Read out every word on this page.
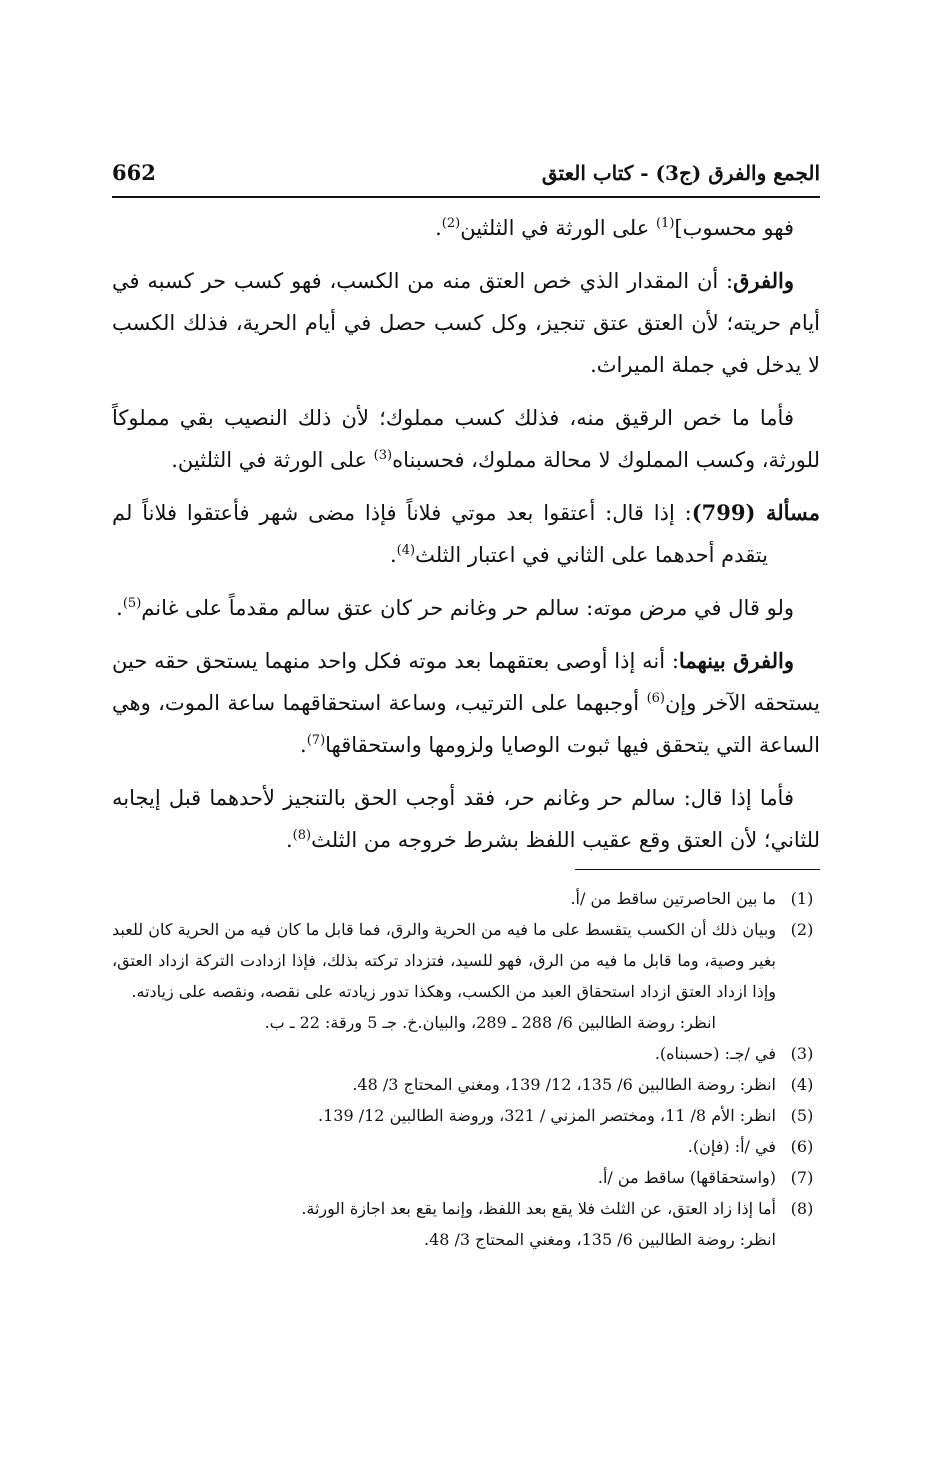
662	الجمع والفرق (ج3) - كتاب العتق

فهو محسوب]$^{(1)}$ على الورثة في الثلثين$^{(2)}$.

والفرق: أن المقدار الذي خص العتق منه من الكسب، فهو كسب حر كسبه في أيام حريته؛ لأن العتق عتق تنجيز، وكل كسب حصل في أيام الحرية، فذلك الكسب لا يدخل في جملة الميراث.

فأما ما خص الرقيق منه، فذلك كسب مملوك؛ لأن ذلك النصيب بقي مملوكاً للورثة، وكسب المملوك لا محالة مملوك، فحسبناه$^{(3)}$ على الورثة في الثلثين.

مسألة (799): إذا قال: أعتقوا بعد موتي فلاناً فإذا مضى شهر فأعتقوا فلاناً لم يتقدم أحدهما على الثاني في اعتبار الثلث$^{(4)}$.

ولو قال في مرض موته: سالم حر وغانم حر كان عتق سالم مقدماً على غانم$^{(5)}$.

والفرق بينهما: أنه إذا أوصى بعتقهما بعد موته فكل واحد منهما يستحق حقه حين يستحقه الآخر وإن$^{(6)}$ أوجبهما على الترتيب، وساعة استحقاقهما ساعة الموت، وهي الساعة التي يتحقق فيها ثبوت الوصايا ولزومها واستحقاقها$^{(7)}$.

فأما إذا قال: سالم حر وغانم حر، فقد أوجب الحق بالتنجيز لأحدهما قبل إيجابه للثاني؛ لأن العتق وقع عقيب اللفظ بشرط خروجه من الثلث$^{(8)}$.

(1)
ما بين الحاصرتين ساقط من /أ.
(2)
وبيان ذلك أن الكسب يتقسط على ما فيه من الحرية والرق، فما قابل ما كان فيه من الحرية كان للعبد بغير وصية، وما قابل ما فيه من الرق، فهو للسيد، فتزداد تركته بذلك، فإذا ازدادت التركة ازداد العتق، وإذا ازداد العتق ازداد استحقاق العبد من الكسب، وهكذا تدور زيادته على نقصه، ونقصه على زيادته.
انظر: روضة الطالبين 6/ 288 ـ 289، والبيان.خ. جـ 5 ورقة: 22 ـ ب.
(3)
في /جـ: (حسبناه).
(4)
انظر: روضة الطالبين 6/ 135، 12/ 139، ومغني المحتاج 3/ 48.
(5)
انظر: الأم 8/ 11، ومختصر المزني / 321، وروضة الطالبين 12/ 139.
(6)
في /أ: (فإن).
(7)
(واستحقاقها) ساقط من /أ.
(8)
أما إذا زاد العتق، عن الثلث فلا يقع بعد اللفظ، وإنما يقع بعد اجازة الورثة.
انظر: روضة الطالبين 6/ 135، ومغني المحتاج 3/ 48.
